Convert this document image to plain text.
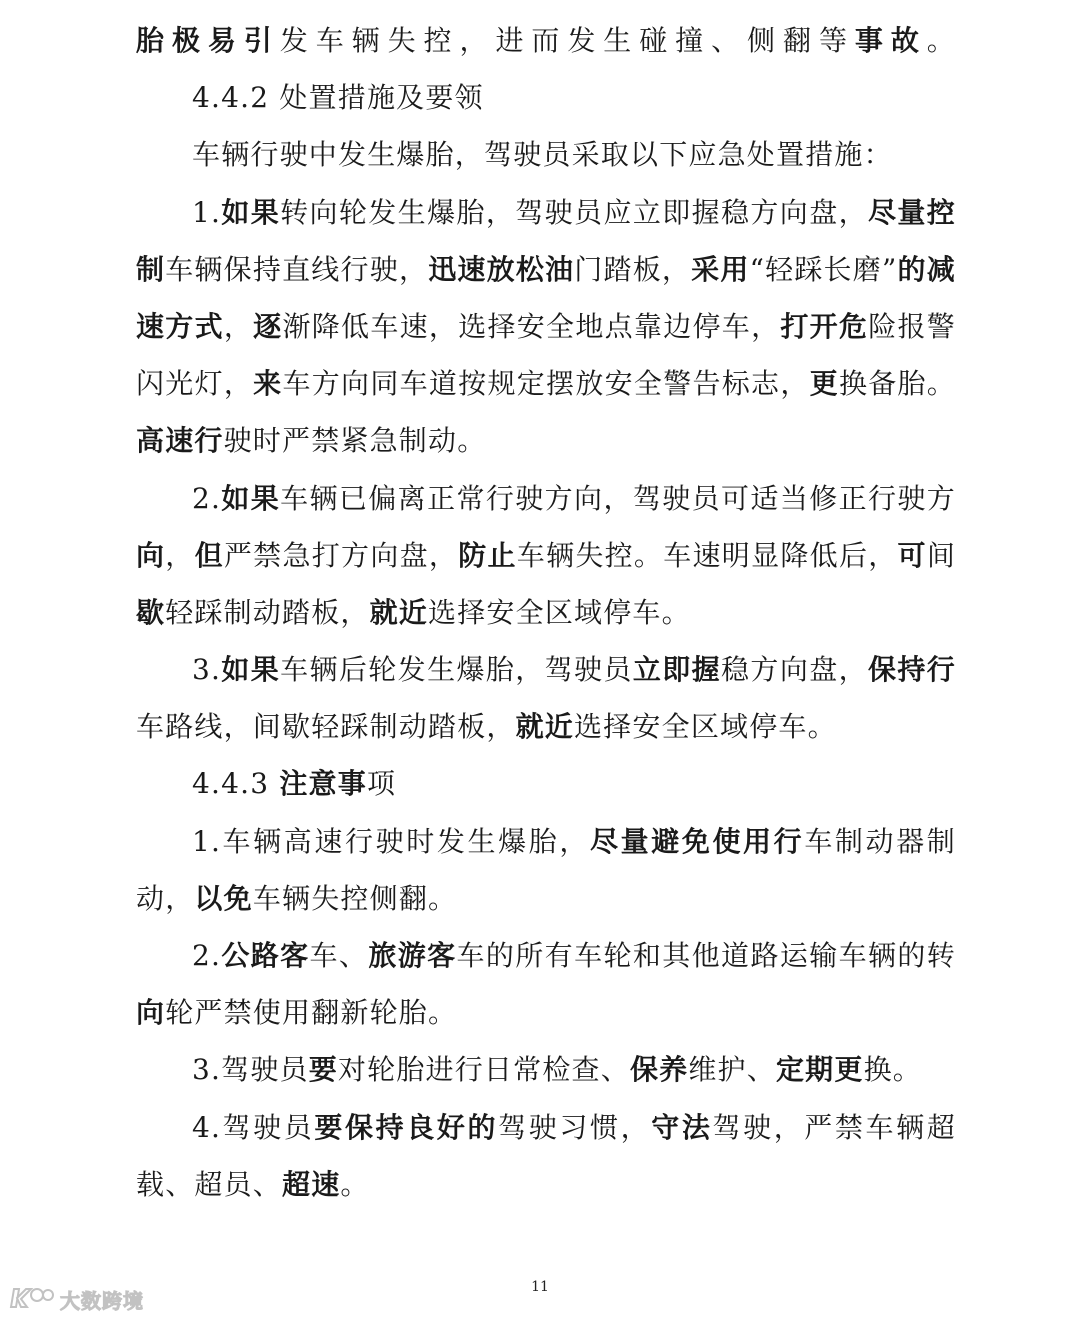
胎极易引发车辆失控，进而发生碰撞、侧翻等事故。
4.4.2 处置措施及要领
车辆行驶中发生爆胎，驾驶员采取以下应急处置措施：
1.如果转向轮发生爆胎，驾驶员应立即握稳方向盘，尽量控
制车辆保持直线行驶，迅速放松油门踏板，采用“轻踩长磨”的减
速方式，逐渐降低车速，选择安全地点靠边停车，打开危险报警
闪光灯，来车方向同车道按规定摆放安全警告标志，更换备胎。
高速行驶时严禁紧急制动。
2.如果车辆已偏离正常行驶方向，驾驶员可适当修正行驶方
向，但严禁急打方向盘，防止车辆失控。车速明显降低后，可间
歇轻踩制动踏板，就近选择安全区域停车。
3.如果车辆后轮发生爆胎，驾驶员立即握稳方向盘，保持行
车路线，间歇轻踩制动踏板，就近选择安全区域停车。
4.4.3 注意事项
1.车辆高速行驶时发生爆胎，尽量避免使用行车制动器制
动，以免车辆失控侧翻。
2.公路客车、旅游客车的所有车轮和其他道路运输车辆的转
向轮严禁使用翻新轮胎。
3.驾驶员要对轮胎进行日常检查、保养维护、定期更换。
4.驾驶员要保持良好的驾驶习惯，守法驾驶，严禁车辆超
载、超员、超速。
11
大数跨境
